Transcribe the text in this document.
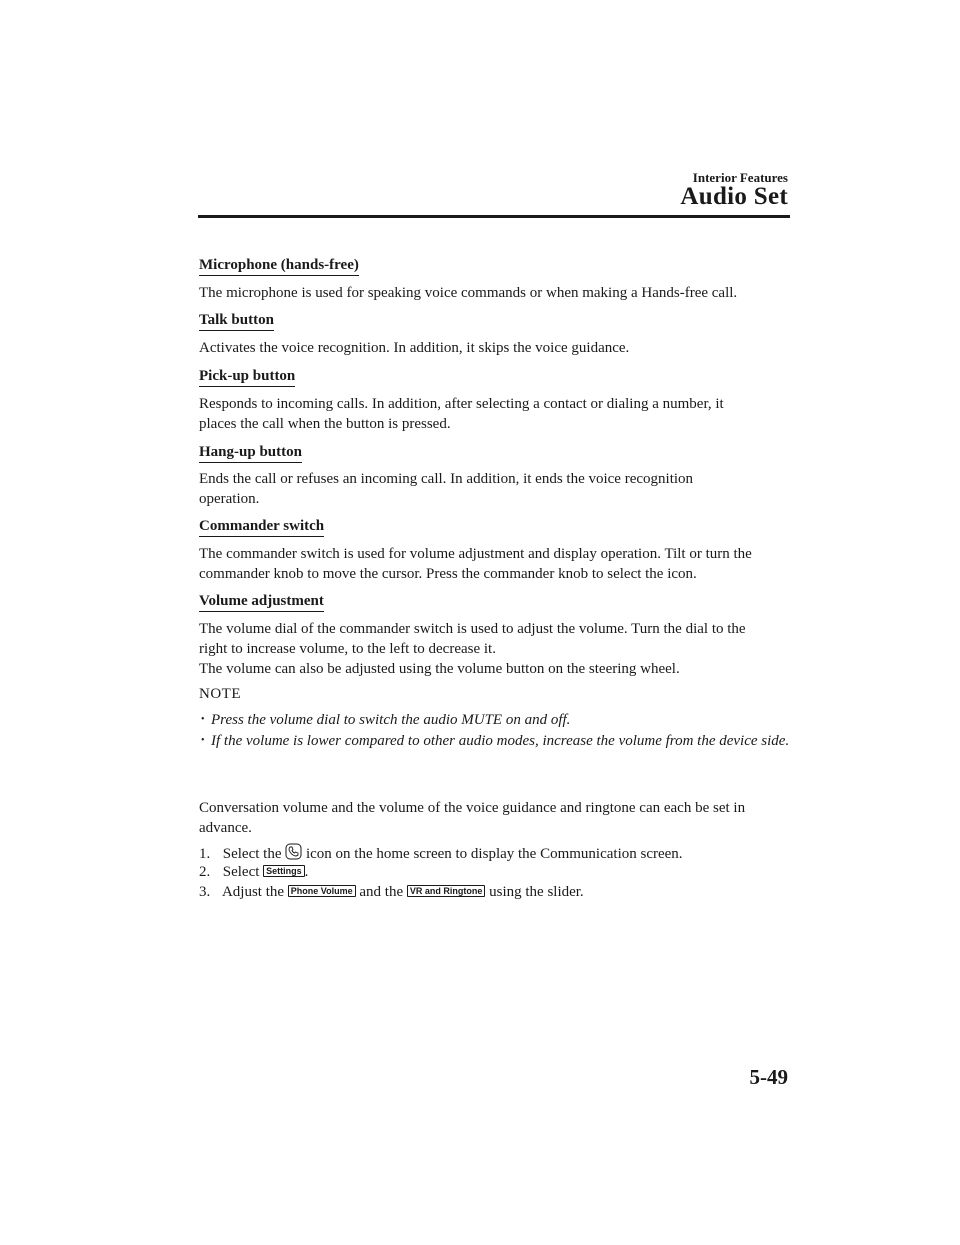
Interior Features
Audio Set
Microphone (hands-free)
The microphone is used for speaking voice commands or when making a Hands-free call.
Talk button
Activates the voice recognition. In addition, it skips the voice guidance.
Pick-up button
Responds to incoming calls. In addition, after selecting a contact or dialing a number, it
places the call when the button is pressed.
Hang-up button
Ends the call or refuses an incoming call. In addition, it ends the voice recognition
operation.
Commander switch
The commander switch is used for volume adjustment and display operation. Tilt or turn the
commander knob to move the cursor. Press the commander knob to select the icon.
Volume adjustment
The volume dial of the commander switch is used to adjust the volume. Turn the dial to the
right to increase volume, to the left to decrease it.
The volume can also be adjusted using the volume button on the steering wheel.
NOTE
• Press the volume dial to switch the audio MUTE on and off.
• If the volume is lower compared to other audio modes, increase the volume from the device side.
Conversation volume and the volume of the voice guidance and ringtone can each be set in
advance.
1. Select the icon on the home screen to display the Communication screen.
2. Select Settings .
3. Adjust the Phone Volume and the VR and Ringtone using the slider.
5-49
